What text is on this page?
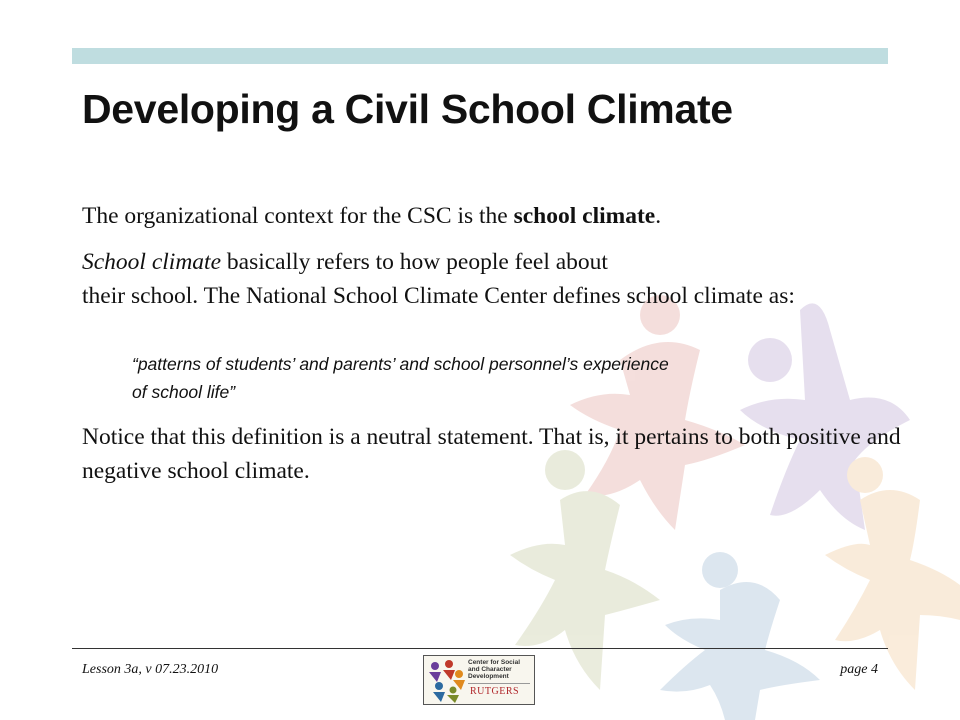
Developing a Civil School Climate
The organizational context for the CSC is the school climate.
School climate basically refers to how people feel about
their school. The National School Climate Center defines school climate as:
“patterns of students’ and parents’ and school personnel’s experience
of school life”
Notice that this definition is a neutral statement. That is, it pertains to both positive and negative school climate.
Lesson 3a, v 07.23.2010	page 4
Center for Social
and Character
Development
RUTGERS
